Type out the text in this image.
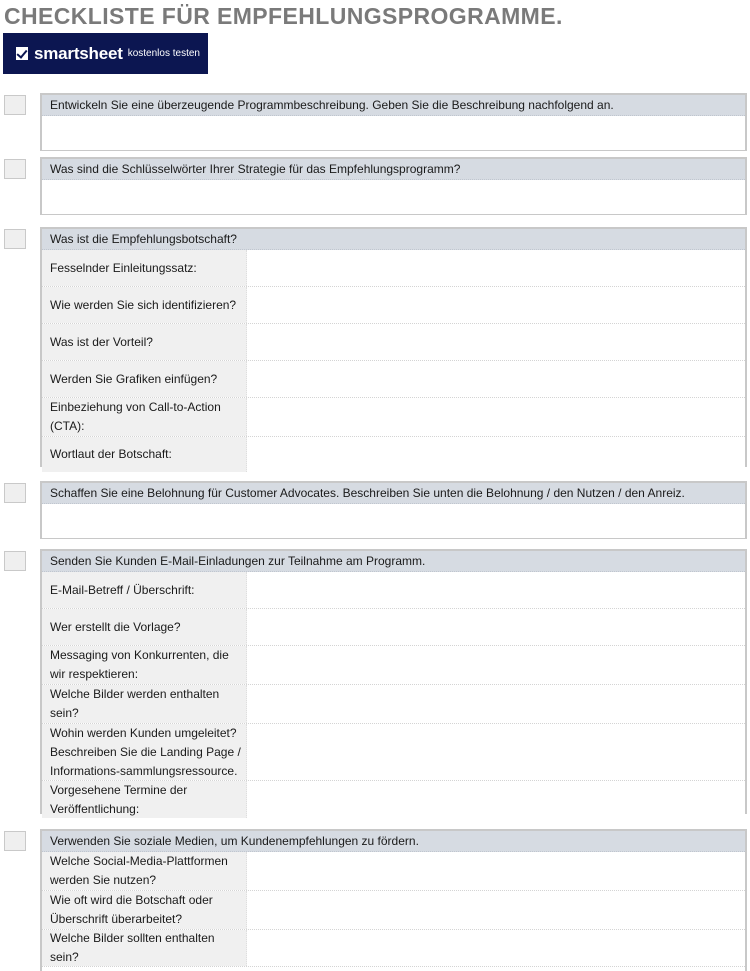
CHECKLISTE FÜR EMPFEHLUNGSPROGRAMME.
smartsheet kostenlos testen
Entwickeln Sie eine überzeugende Programmbeschreibung. Geben Sie die Beschreibung nachfolgend an.
Was sind die Schlüsselwörter Ihrer Strategie für das Empfehlungsprogramm?
Was ist die Empfehlungsbotschaft?
Fesselnder Einleitungssatz:
Wie werden Sie sich identifizieren?
Was ist der Vorteil?
Werden Sie Grafiken einfügen?
Einbeziehung von Call-to-Action (CTA):
Wortlaut der Botschaft:
Schaffen Sie eine Belohnung für Customer Advocates. Beschreiben Sie unten die Belohnung / den Nutzen / den Anreiz.
Senden Sie Kunden E-Mail-Einladungen zur Teilnahme am Programm.
E-Mail-Betreff / Überschrift:
Wer erstellt die Vorlage?
Messaging von Konkurrenten, die wir respektieren:
Welche Bilder werden enthalten sein?
Wohin werden Kunden umgeleitet? Beschreiben Sie die Landing Page / Informations-sammlungsressource.
Vorgesehene Termine der Veröffentlichung:
Verwenden Sie soziale Medien, um Kundenempfehlungen zu fördern.
Welche Social-Media-Plattformen werden Sie nutzen?
Wie oft wird die Botschaft oder Überschrift überarbeitet?
Welche Bilder sollten enthalten sein?
